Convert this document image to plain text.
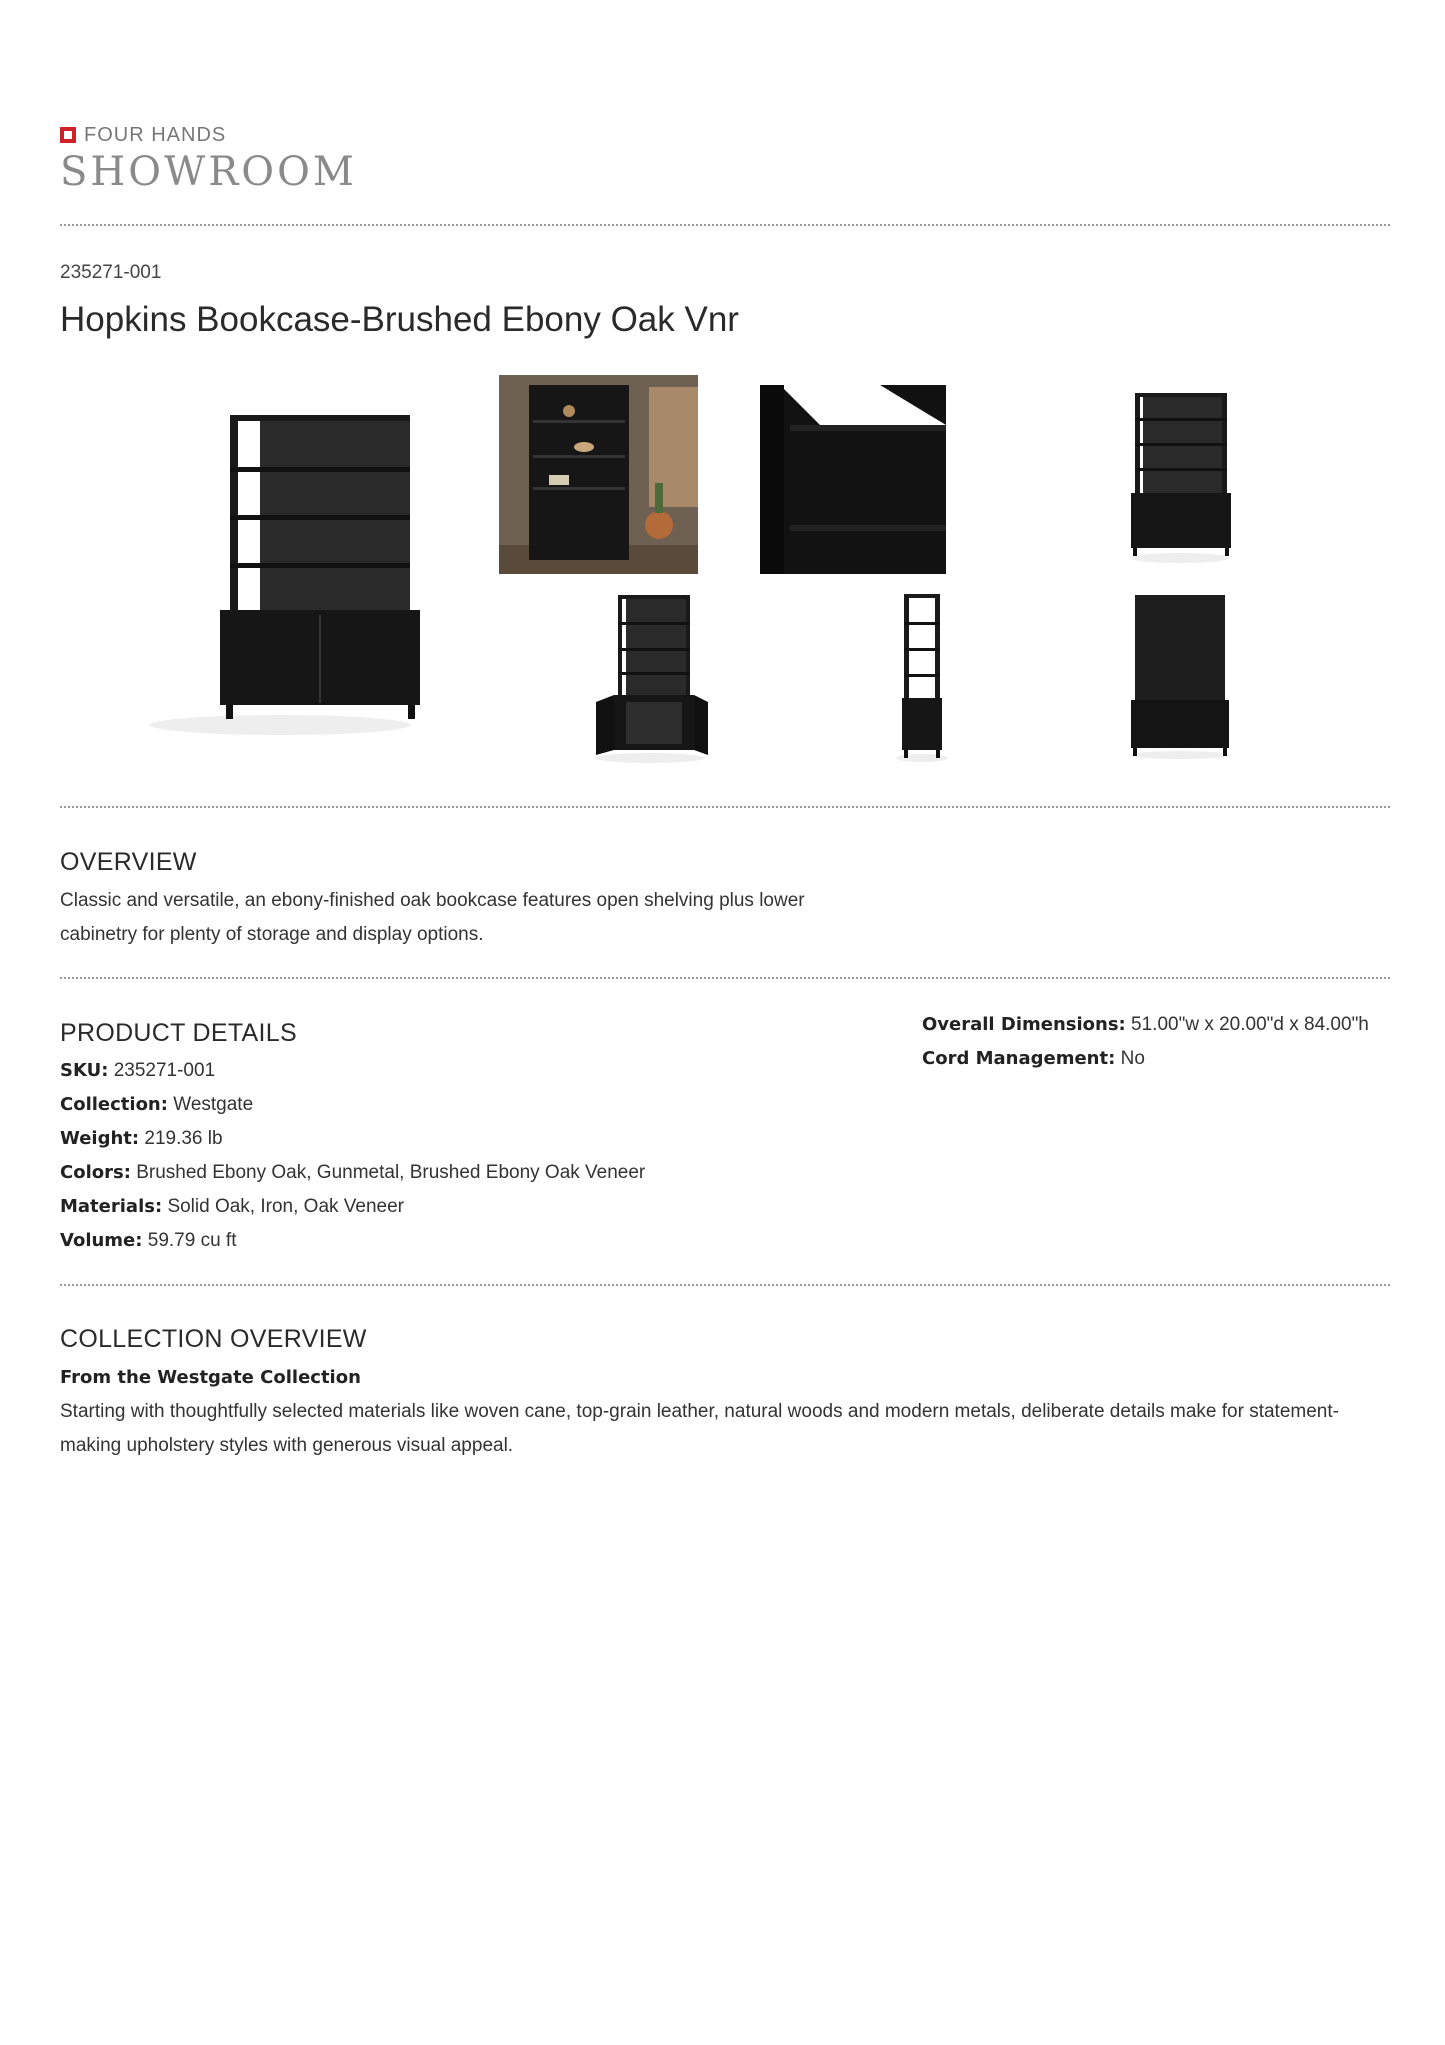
FOUR HANDS
SHOWROOM
235271-001
Hopkins Bookcase-Brushed Ebony Oak Vnr
OVERVIEW

Classic and versatile, an ebony-finished oak bookcase features open shelving plus lower cabinetry for plenty of storage and display options.

PRODUCT DETAILS
SKU: 235271-001
Collection: Westgate
Weight: 219.36 lb
Colors: Brushed Ebony Oak, Gunmetal, Brushed Ebony Oak Veneer
Materials: Solid Oak, Iron, Oak Veneer
Volume: 59.79 cu ft
Overall Dimensions: 51.00"w x 20.00"d x 84.00"h
Cord Management: No
COLLECTION OVERVIEW
From the Westgate Collection

Starting with thoughtfully selected materials like woven cane, top-grain leather, natural woods and modern metals, deliberate details make for statement-making upholstery styles with generous visual appeal.
